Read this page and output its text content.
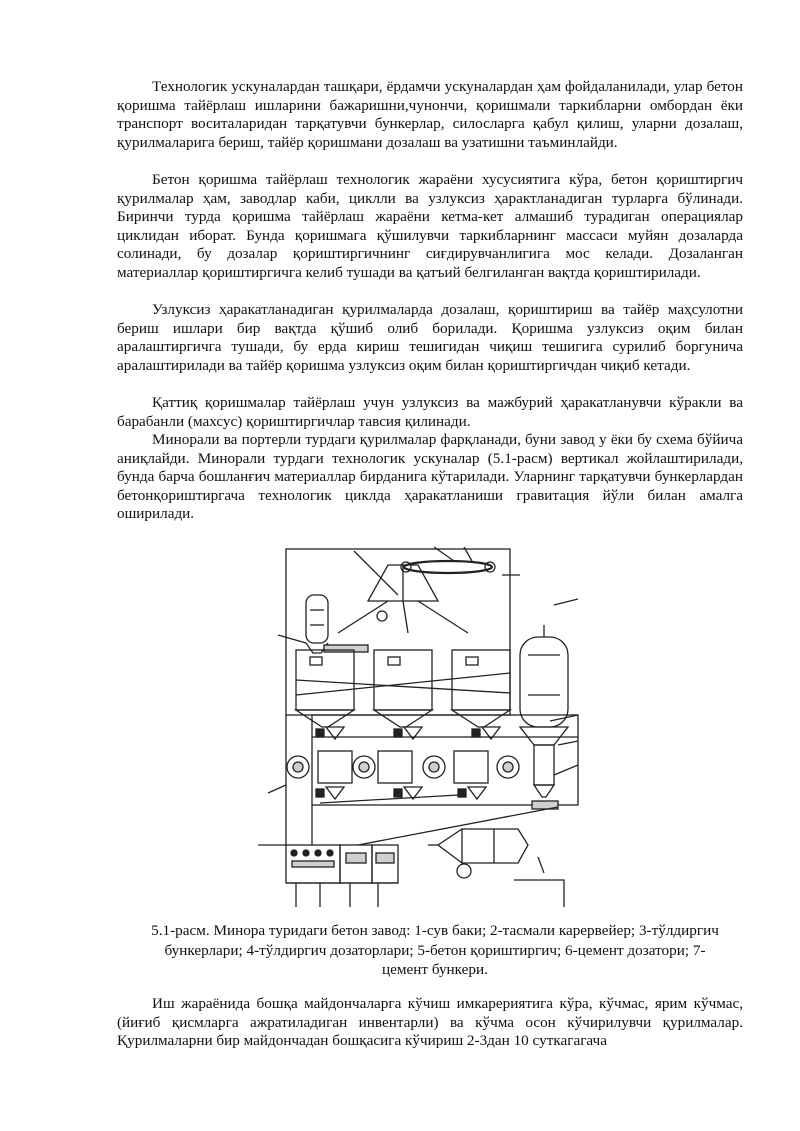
Технологик ускуналардан ташқари, ёрдамчи ускуналардан ҳам фойдаланилади, улар бетон қоришма тайёрлаш ишларини бажаришни,чунончи, қоришмали таркибларни омбордан ёки транспорт воситаларидан тарқатувчи бункерлар, силосларга қабул қилиш, уларни дозалаш, қурилмаларига бериш, тайёр қоришмани дозалаш ва узатишни таъминлайди.

Бетон қоришма тайёрлаш технологик жараёни хусусиятига кўра, бетон қориштиргич қурилмалар ҳам, заводлар каби, циклли ва узлуксиз ҳарактланадиган турларга бўлинади. Биринчи турда қоришма тайёрлаш жараёни кетма-кет алмашиб турадиган операциялар циклидан иборат. Бунда қоришмага қўшилувчи таркибларнинг массаси муйян дозаларда солинади, бу дозалар қориштиргичнинг сиғдирувчанлигига мос келади. Дозаланган материаллар қориштиргичга келиб тушади ва қатъий белгиланган вақтда қориштирилади.

Узлуксиз ҳаракатланадиган қурилмаларда дозалаш, қориштириш ва тайёр маҳсулотни бериш ишлари бир вақтда қўшиб олиб борилади. Қоришма узлуксиз оқим билан аралаштиргичга тушади, бу ерда кириш тешигидан чиқиш тешигига сурилиб боргунича аралаштирилади ва тайёр қоришма узлуксиз оқим билан қориштиргичдан чиқиб кетади.

Қаттиқ қоришмалар тайёрлаш учун узлуксиз ва мажбурий ҳаракатланувчи кўракли ва барабанли (махсус) қориштиргичлар тавсия қилинади.

Минорали ва портерли турдаги қурилмалар фарқланади, буни завод у ёки бу схема бўйича аниқлайди. Минорали турдаги технологик ускуналар (5.1-расм) вертикал жойлаштирилади, бунда барча бошланғич материаллар бирданига кўтарилади. Уларнинг тарқатувчи бункерлардан бетонқориштиргача технологик циклда ҳаракатланиши гравитация йўли билан амалга оширилади.

5.1-расм. Минора туридаги бетон завод: 1-сув баки; 2-тасмали карервейер; 3-тўлдиргич бункерлари; 4-тўлдиргич дозаторлари; 5-бетон қориштиргич; 6-цемент дозатори; 7-цемент бункери.

Иш жараёнида бошқа майдончаларга кўчиш имкарериятига кўра, кўчмас, ярим кўчмас, (йиғиб қисмларга ажратиладиган инвентарли) ва кўчма осон кўчирилувчи қурилмалар. Қурилмаларни бир майдончадан бошқасига кўчириш 2-3дан 10 суткагагача
